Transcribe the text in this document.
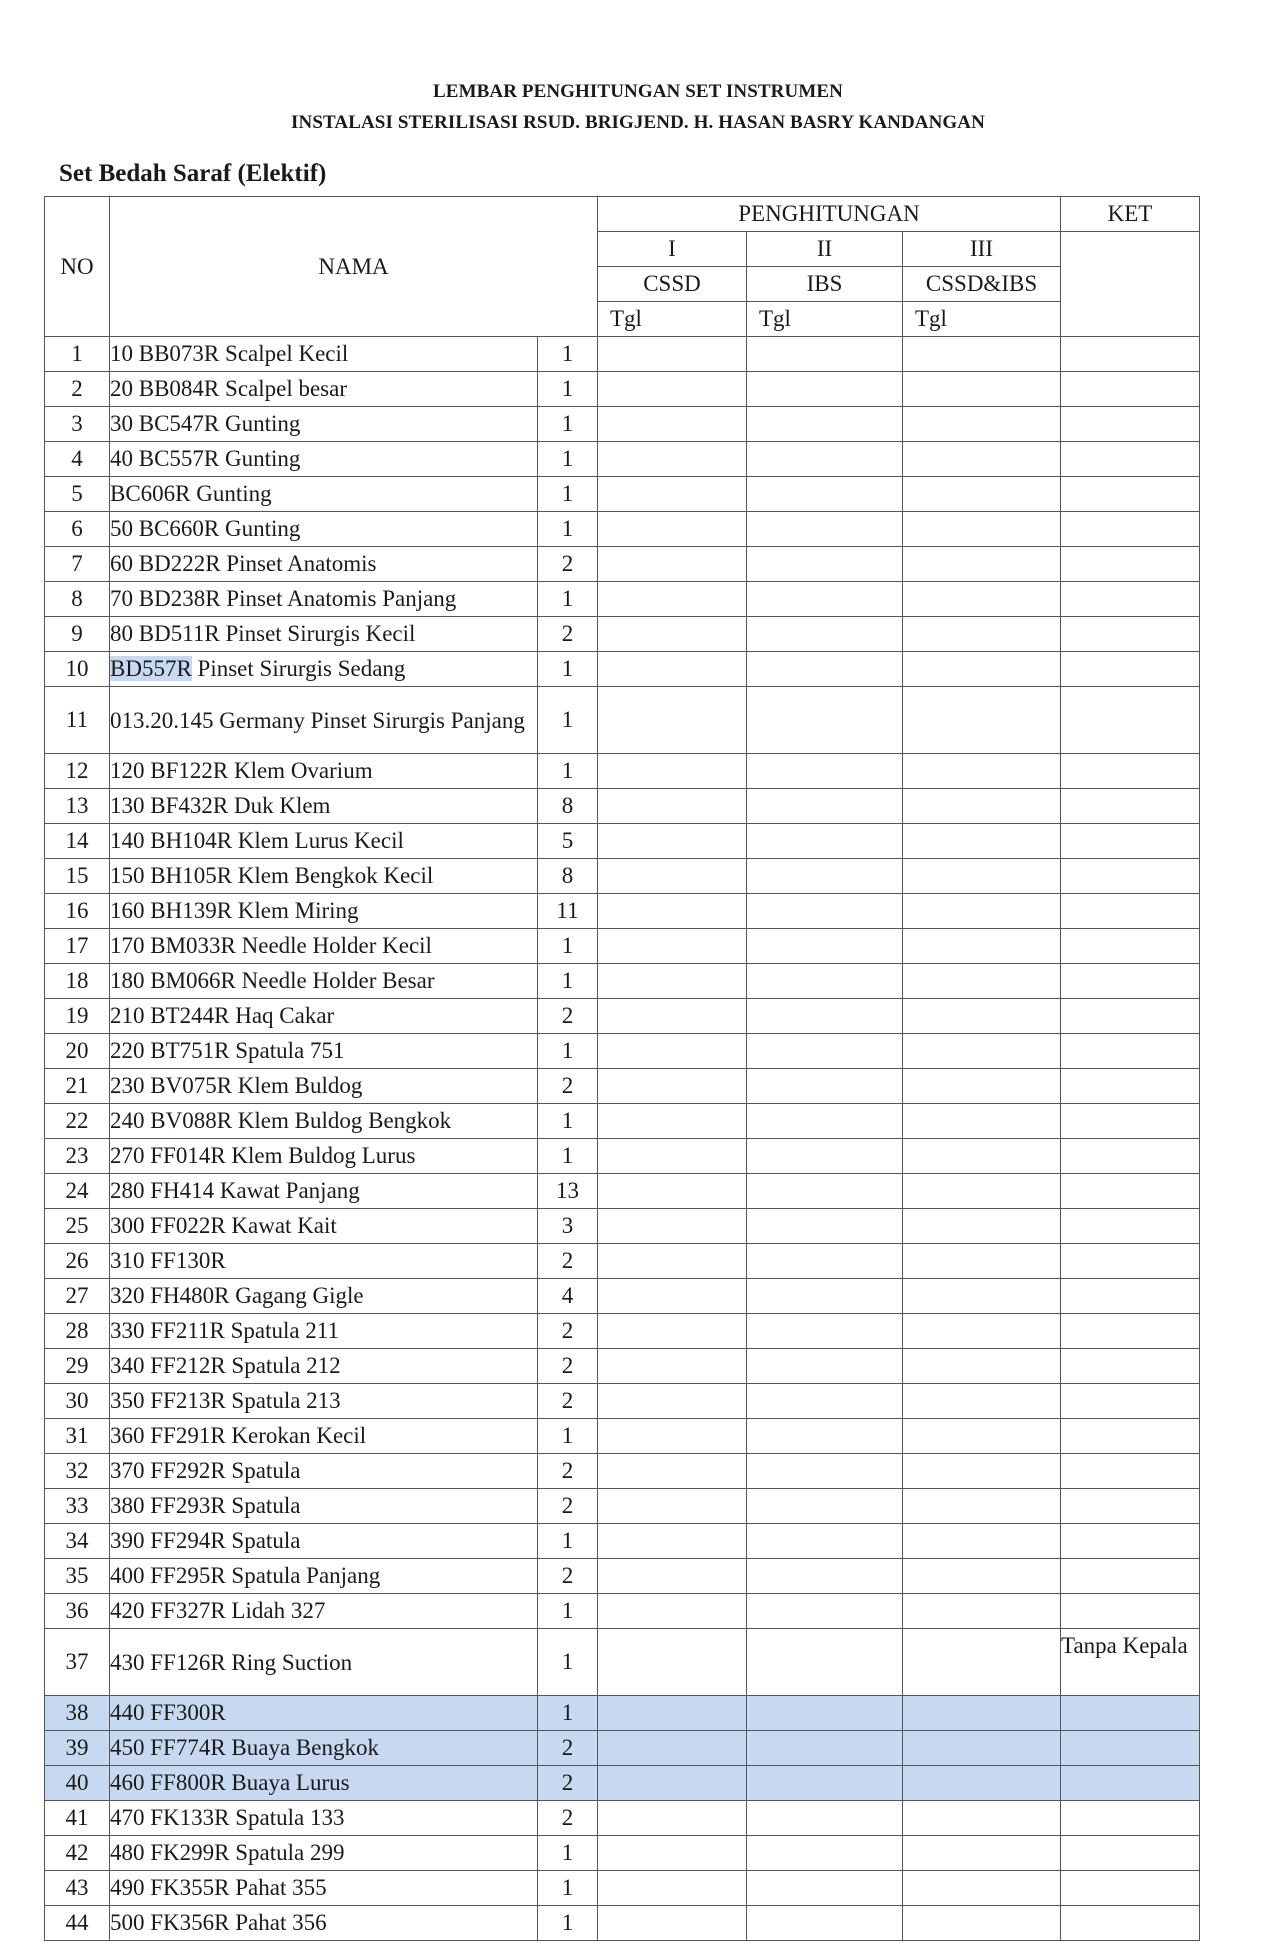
LEMBAR PENGHITUNGAN SET INSTRUMEN
INSTALASI STERILISASI RSUD. BRIGJEND. H. HASAN BASRY KANDANGAN
Set Bedah Saraf (Elektif)
NO	NAMA		PENGHITUNGAN			KET
			I	II	III	
			CSSD	IBS	CSSD&IBS	
			Tgl	Tgl	Tgl	
1	10 BB073R Scalpel Kecil	1				
2	20 BB084R Scalpel besar	1				
3	30 BC547R Gunting	1				
4	40 BC557R Gunting	1				
5	BC606R Gunting	1				
6	50 BC660R Gunting	1				
7	60 BD222R Pinset Anatomis	2				
8	70 BD238R Pinset Anatomis Panjang	1				
9	80 BD511R Pinset Sirurgis Kecil	2				
10	BD557R Pinset Sirurgis Sedang	1				
11	013.20.145 Germany Pinset Sirurgis Panjang	1				
12	120 BF122R Klem Ovarium	1				
13	130 BF432R Duk Klem	8				
14	140 BH104R Klem Lurus Kecil	5				
15	150 BH105R Klem Bengkok Kecil	8				
16	160 BH139R Klem Miring	11				
17	170 BM033R Needle Holder Kecil	1				
18	180 BM066R Needle Holder Besar	1				
19	210 BT244R Haq Cakar	2				
20	220 BT751R Spatula 751	1				
21	230 BV075R Klem Buldog	2				
22	240 BV088R Klem Buldog Bengkok	1				
23	270 FF014R Klem Buldog Lurus	1				
24	280 FH414 Kawat Panjang	13				
25	300 FF022R Kawat Kait	3				
26	310 FF130R	2				
27	320 FH480R Gagang Gigle	4				
28	330 FF211R Spatula 211	2				
29	340 FF212R Spatula 212	2				
30	350 FF213R Spatula 213	2				
31	360 FF291R Kerokan Kecil	1				
32	370 FF292R Spatula	2				
33	380 FF293R Spatula	2				
34	390 FF294R Spatula	1				
35	400 FF295R Spatula Panjang	2				
36	420 FF327R Lidah 327	1				
37	430 FF126R Ring Suction	1				Tanpa Kepala
38	440 FF300R	1				
39	450 FF774R Buaya Bengkok	2				
40	460 FF800R Buaya Lurus	2				
41	470 FK133R Spatula 133	2				
42	480 FK299R Spatula 299	1				
43	490 FK355R Pahat 355	1				
44	500 FK356R Pahat 356	1				
